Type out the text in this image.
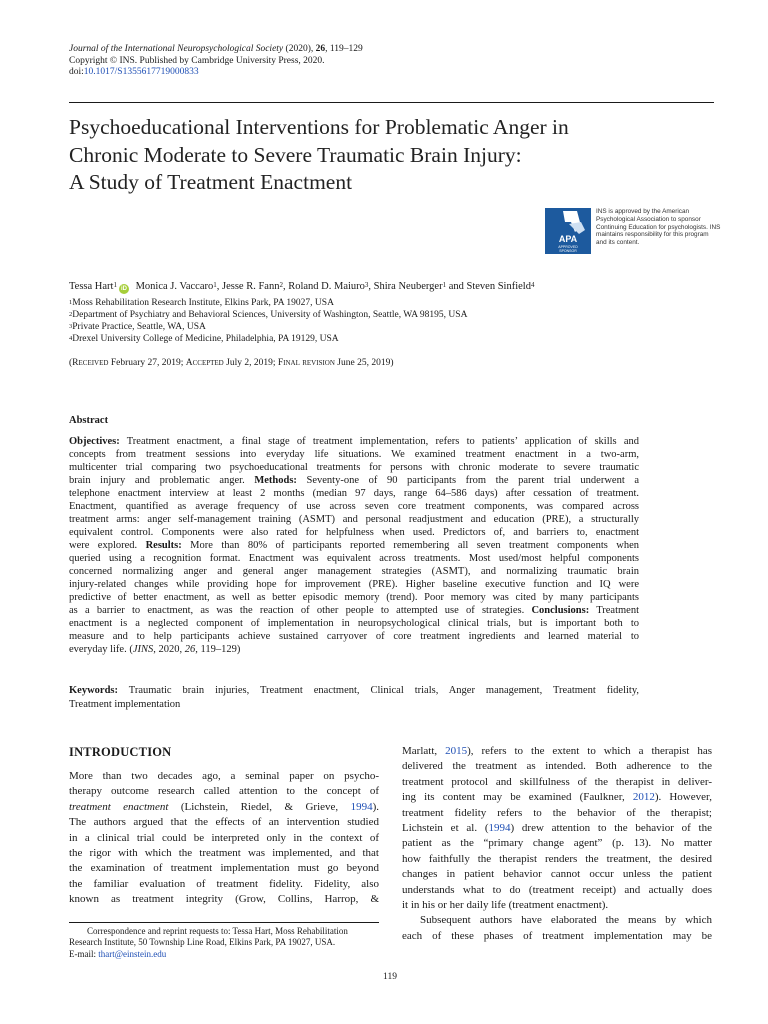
Journal of the International Neuropsychological Society (2020), 26, 119–129
Copyright © INS. Published by Cambridge University Press, 2020.
doi:10.1017/S1355617719000833
Psychoeducational Interventions for Problematic Anger in
Chronic Moderate to Severe Traumatic Brain Injury:
A Study of Treatment Enactment
APA
APPROVED
SPONSOR
INS is approved by the American Psychological Association to sponsor Continuing Education for psychologists. INS maintains responsibility for this program and its content.
Tessa Hart$^1$ iD Monica J. Vaccaro$^1$, Jesse R. Fann$^2$, Roland D. Maiuro$^3$, Shira Neuberger$^1$ and Steven Sinfield$^4$
$^1$Moss Rehabilitation Research Institute, Elkins Park, PA 19027, USA
$^2$Department of Psychiatry and Behavioral Sciences, University of Washington, Seattle, WA 98195, USA
$^3$Private Practice, Seattle, WA, USA
$^4$Drexel University College of Medicine, Philadelphia, PA 19129, USA
(Received February 27, 2019; Accepted July 2, 2019; Final revision June 25, 2019)
Abstract
Objectives: Treatment enactment, a final stage of treatment implementation, refers to patients’ application of skills and
concepts from treatment sessions into everyday life situations. We examined treatment enactment in a two-arm,
multicenter trial comparing two psychoeducational treatments for persons with chronic moderate to severe traumatic
brain injury and problematic anger. Methods: Seventy-one of 90 participants from the parent trial underwent a
telephone enactment interview at least 2 months (median 97 days, range 64–586 days) after cessation of treatment.
Enactment, quantified as average frequency of use across seven core treatment components, was compared across
treatment arms: anger self-management training (ASMT) and personal readjustment and education (PRE), a structurally
equivalent control. Components were also rated for helpfulness when used. Predictors of, and barriers to, enactment
were explored. Results: More than 80% of participants reported remembering all seven treatment components when
queried using a recognition format. Enactment was equivalent across treatments. Most used/most helpful components
concerned normalizing anger and general anger management strategies (ASMT), and normalizing traumatic brain
injury-related changes while providing hope for improvement (PRE). Higher baseline executive function and IQ were
predictive of better enactment, as well as better episodic memory (trend). Poor memory was cited by many participants
as a barrier to enactment, as was the reaction of other people to attempted use of strategies. Conclusions: Treatment
enactment is a neglected component of implementation in neuropsychological clinical trials, but is important both to
measure and to help participants achieve sustained carryover of core treatment ingredients and learned material to
everyday life. (JINS, 2020, 26, 119–129)
Keywords: Traumatic brain injuries, Treatment enactment, Clinical trials, Anger management, Treatment fidelity,
Treatment implementation
INTRODUCTION
More than two decades ago, a seminal paper on psycho-
therapy outcome research called attention to the concept of
treatment enactment (Lichstein, Riedel, & Grieve, 1994).
The authors argued that the effects of an intervention studied
in a clinical trial could be interpreted only in the context of
the rigor with which the treatment was implemented, and that
the examination of treatment implementation must go beyond
the familiar evaluation of treatment fidelity. Fidelity, also
known as treatment integrity (Grow, Collins, Harrop, &
Marlatt, 2015), refers to the extent to which a therapist has
delivered the treatment as intended. Both adherence to the
treatment protocol and skillfulness of the therapist in deliver-
ing its content may be examined (Faulkner, 2012). However,
treatment fidelity refers to the behavior of the therapist;
Lichstein et al. (1994) drew attention to the behavior of the
patient as the “primary change agent” (p. 13). No matter
how faithfully the therapist renders the treatment, the desired
changes in patient behavior cannot occur unless the patient
understands what to do (treatment receipt) and actually does
it in his or her daily life (treatment enactment).
Subsequent authors have elaborated the means by which
each of these phases of treatment implementation may be
Correspondence and reprint requests to: Tessa Hart, Moss Rehabilitation
Research Institute, 50 Township Line Road, Elkins Park, PA 19027, USA.
E-mail: thart@einstein.edu
119
